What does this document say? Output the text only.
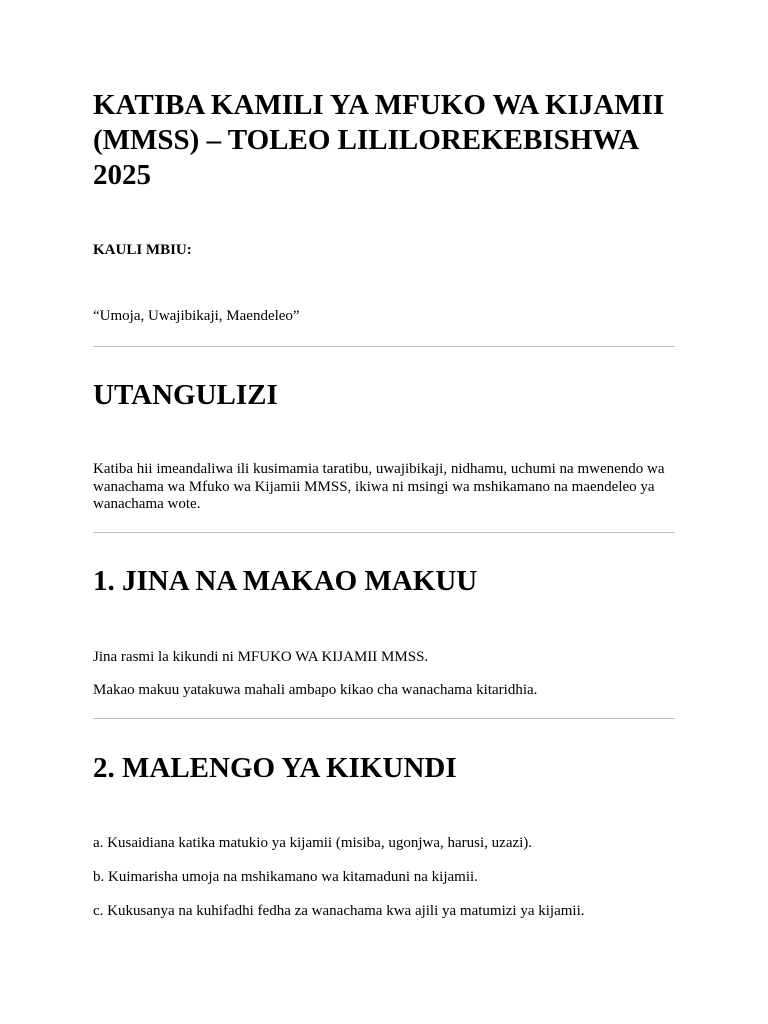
KATIBA KAMILI YA MFUKO WA KIJAMII (MMSS) – TOLEO LILILOREKEBISHWA 2025

KAULI MBIU:

“Umoja, Uwajibikaji, Maendeleo”

UTANGULIZI

Katiba hii imeandaliwa ili kusimamia taratibu, uwajibikaji, nidhamu, uchumi na mwenendo wa wanachama wa Mfuko wa Kijamii MMSS, ikiwa ni msingi wa mshikamano na maendeleo ya wanachama wote.

1. JINA NA MAKAO MAKUU

Jina rasmi la kikundi ni MFUKO WA KIJAMII MMSS.

Makao makuu yatakuwa mahali ambapo kikao cha wanachama kitaridhia.

2. MALENGO YA KIKUNDI

a. Kusaidiana katika matukio ya kijamii (misiba, ugonjwa, harusi, uzazi).

b. Kuimarisha umoja na mshikamano wa kitamaduni na kijamii.

c. Kukusanya na kuhifadhi fedha za wanachama kwa ajili ya matumizi ya kijamii.
